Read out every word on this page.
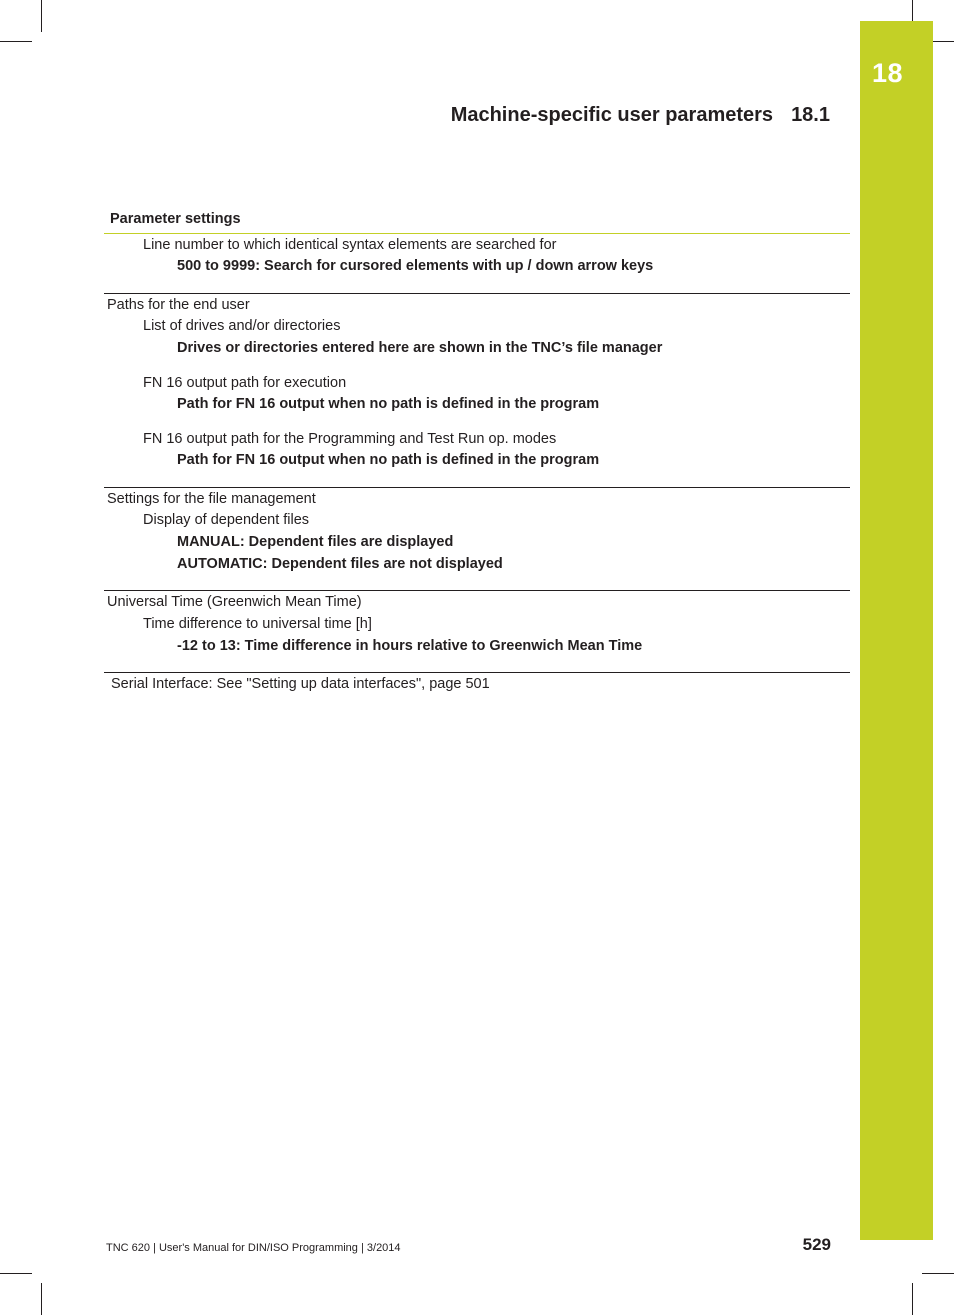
18
Machine-specific user parameters 18.1
Parameter settings
Line number to which identical syntax elements are searched for
500 to 9999: Search for cursored elements with up / down arrow keys
Paths for the end user
List of drives and/or directories
Drives or directories entered here are shown in the TNC’s file manager
FN 16 output path for execution
Path for FN 16 output when no path is defined in the program
FN 16 output path for the Programming and Test Run op. modes
Path for FN 16 output when no path is defined in the program
Settings for the file management
Display of dependent files
MANUAL: Dependent files are displayed
AUTOMATIC: Dependent files are not displayed
Universal Time (Greenwich Mean Time)
Time difference to universal time [h]
-12 to 13: Time difference in hours relative to Greenwich Mean Time
Serial Interface: See "Setting up data interfaces", page 501
TNC 620 | User's Manual for DIN/ISO Programming | 3/2014	529
